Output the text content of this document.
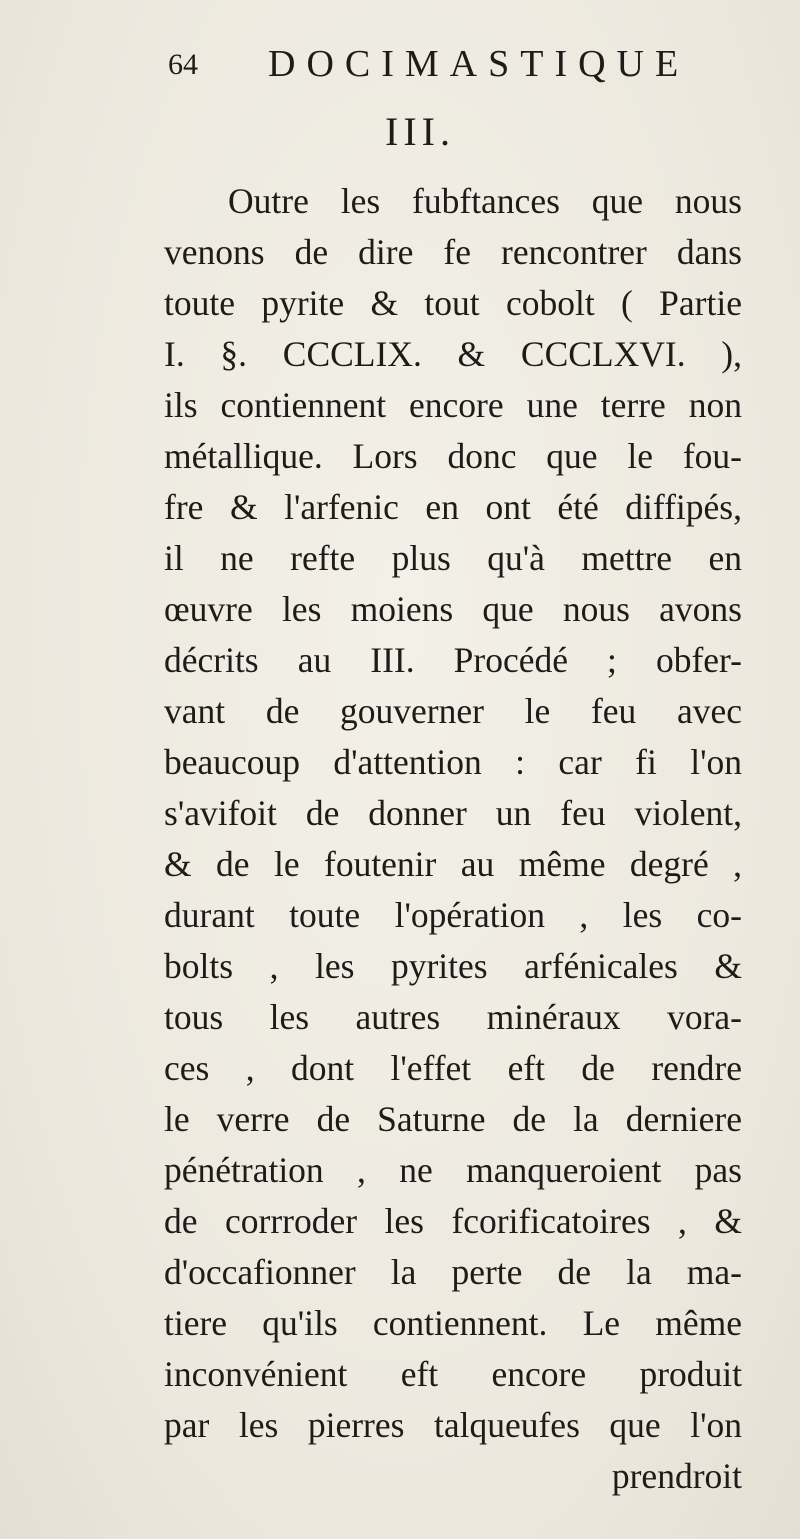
64 DOCIMASTIQUE
III.
Outre les fubftances que nous
venons de dire fe rencontrer dans
toute pyrite & tout cobolt ( Partie
I. §. CCCLIX. & CCCLXVI. ),
ils contiennent encore une terre non
métallique. Lors donc que le fou-
fre & l'arfenic en ont été diffipés,
il ne refte plus qu'à mettre en
œuvre les moiens que nous avons
décrits au III. Procédé ; obfer-
vant de gouverner le feu avec
beaucoup d'attention : car fi l'on
s'avifoit de donner un feu violent,
& de le foutenir au même degré ,
durant toute l'opération , les co-
bolts , les pyrites arfénicales &
tous les autres minéraux vora-
ces , dont l'effet eft de rendre
le verre de Saturne de la derniere
pénétration , ne manqueroient pas
de corrroder les fcorificatoires , &
d'occafionner la perte de la ma-
tiere qu'ils contiennent. Le même
inconvénient eft encore produit
par les pierres talqueufes que l'on
prendroit
